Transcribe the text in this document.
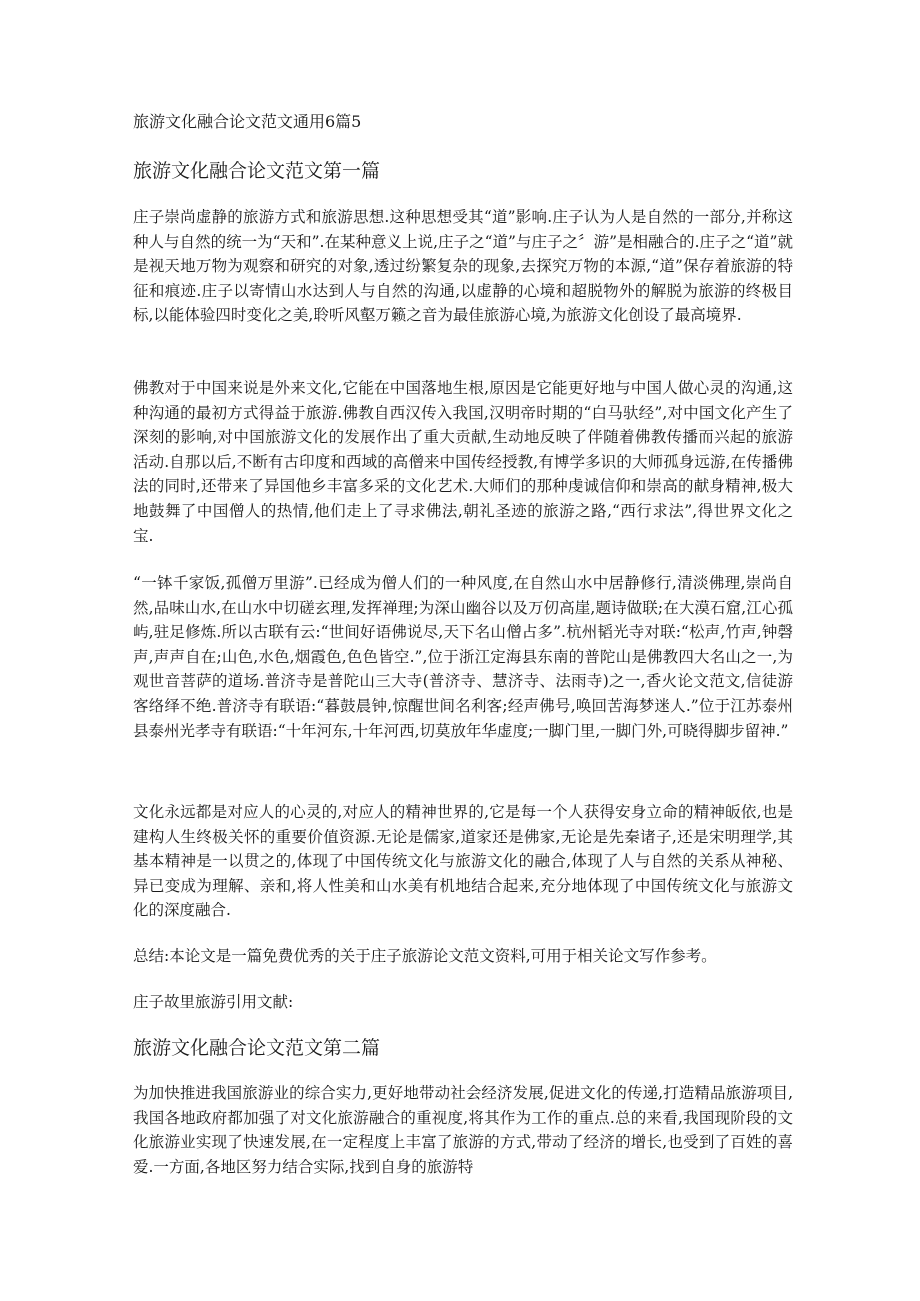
旅游文化融合论文范文通用6篇5
旅游文化融合论文范文第一篇

庄子崇尚虚静的旅游方式和旅游思想.这种思想受其“道”影响.庄子认为人是自然的一部分,并称这种人与自然的统一为“天和”.在某种意义上说,庄子之“道”与庄子之〞游”是相融合的.庄子之“道”就是视天地万物为观察和研究的对象,透过纷繁复杂的现象,去探究万物的本源,“道”保存着旅游的特征和痕迹.庄子以寄情山水达到人与自然的沟通,以虚静的心境和超脱物外的解脱为旅游的终极目标,以能体验四时变化之美,聆听风壑万籁之音为最佳旅游心境,为旅游文化创设了最高境界.

佛教对于中国来说是外来文化,它能在中国落地生根,原因是它能更好地与中国人做心灵的沟通,这种沟通的最初方式得益于旅游.佛教自西汉传入我国,汉明帝时期的“白马驮经”,对中国文化产生了深刻的影响,对中国旅游文化的发展作出了重大贡献,生动地反映了伴随着佛教传播而兴起的旅游活动.自那以后,不断有古印度和西域的高僧来中国传经授教,有博学多识的大师孤身远游,在传播佛法的同时,还带来了异国他乡丰富多采的文化艺术.大师们的那种虔诚信仰和崇高的献身精神,极大地鼓舞了中国僧人的热情,他们走上了寻求佛法,朝礼圣迹的旅游之路,“西行求法”,得世界文化之宝.

“一钵千家饭,孤僧万里游”.已经成为僧人们的一种风度,在自然山水中居静修行,清淡佛理,崇尚自然,品味山水,在山水中切磋玄理,发挥禅理;为深山幽谷以及万仞高崖,题诗做联;在大漠石窟,江心孤屿,驻足修炼.所以古联有云:“世间好语佛说尽,天下名山僧占多”.杭州韬光寺对联:“松声,竹声,钟磬声,声声自在;山色,水色,烟霞色,色色皆空.”,位于浙江定海县东南的普陀山是佛教四大名山之一,为观世音菩萨的道场.普济寺是普陀山三大寺(普济寺、慧济寺、法雨寺)之一,香火论文范文,信徒游客络绎不绝.普济寺有联语:“暮鼓晨钟,惊醒世间名利客;经声佛号,唤回苦海梦迷人.”位于江苏泰州县泰州光孝寺有联语:“十年河东,十年河西,切莫放年华虚度;一脚门里,一脚门外,可晓得脚步留神.”

文化永远都是对应人的心灵的,对应人的精神世界的,它是每一个人获得安身立命的精神皈依,也是建构人生终极关怀的重要价值资源.无论是儒家,道家还是佛家,无论是先秦诸子,还是宋明理学,其基本精神是一以贯之的,体现了中国传统文化与旅游文化的融合,体现了人与自然的关系从神秘、异已变成为理解、亲和,将人性美和山水美有机地结合起来,充分地体现了中国传统文化与旅游文化的深度融合.

总结:本论文是一篇免费优秀的关于庄子旅游论文范文资料,可用于相关论文写作参考。
庄子故里旅游引用文献:
旅游文化融合论文范文第二篇

为加快推进我国旅游业的综合实力,更好地带动社会经济发展,促进文化的传递,打造精品旅游项目,我国各地政府都加强了对文化旅游融合的重视度,将其作为工作的重点.总的来看,我国现阶段的文化旅游业实现了快速发展,在一定程度上丰富了旅游的方式,带动了经济的增长,也受到了百姓的喜爱.一方面,各地区努力结合实际,找到自身的旅游特
